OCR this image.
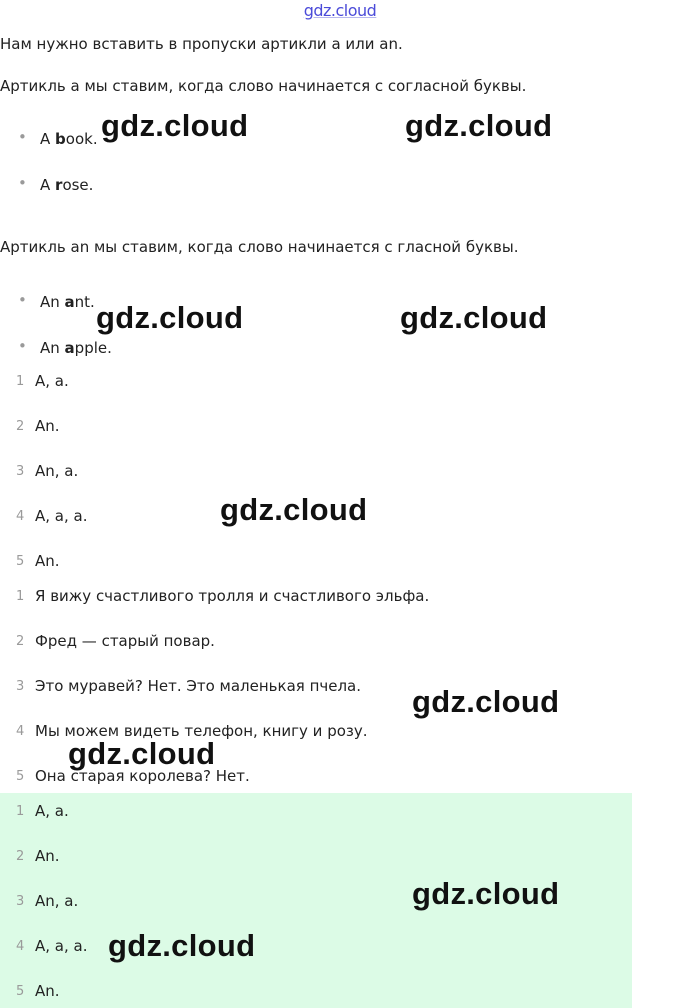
gdz.cloud
Нам нужно вставить в пропуски артикли a или an.
Артикль a мы ставим, когда слово начинается с согласной буквы.
• A book.
• A rose.
Артикль an мы ставим, когда слово начинается с гласной буквы.
• An ant.
• An apple.
1 A, a.
2 An.
3 An, a.
4 A, a, a.
5 An.
1 Я вижу счастливого тролля и счастливого эльфа.
2 Фред — старый повар.
3 Это муравей? Нет. Это маленькая пчела.
4 Мы можем видеть телефон, книгу и розу.
5 Она старая королева? Нет.
1 A, a.
2 An.
3 An, a.
4 A, a, a.
5 An.
gdz.cloud	gdz.cloud
gdz.cloud	gdz.cloud
gdz.cloud
gdz.cloud
gdz.cloud
gdz.cloud
gdz.cloud
